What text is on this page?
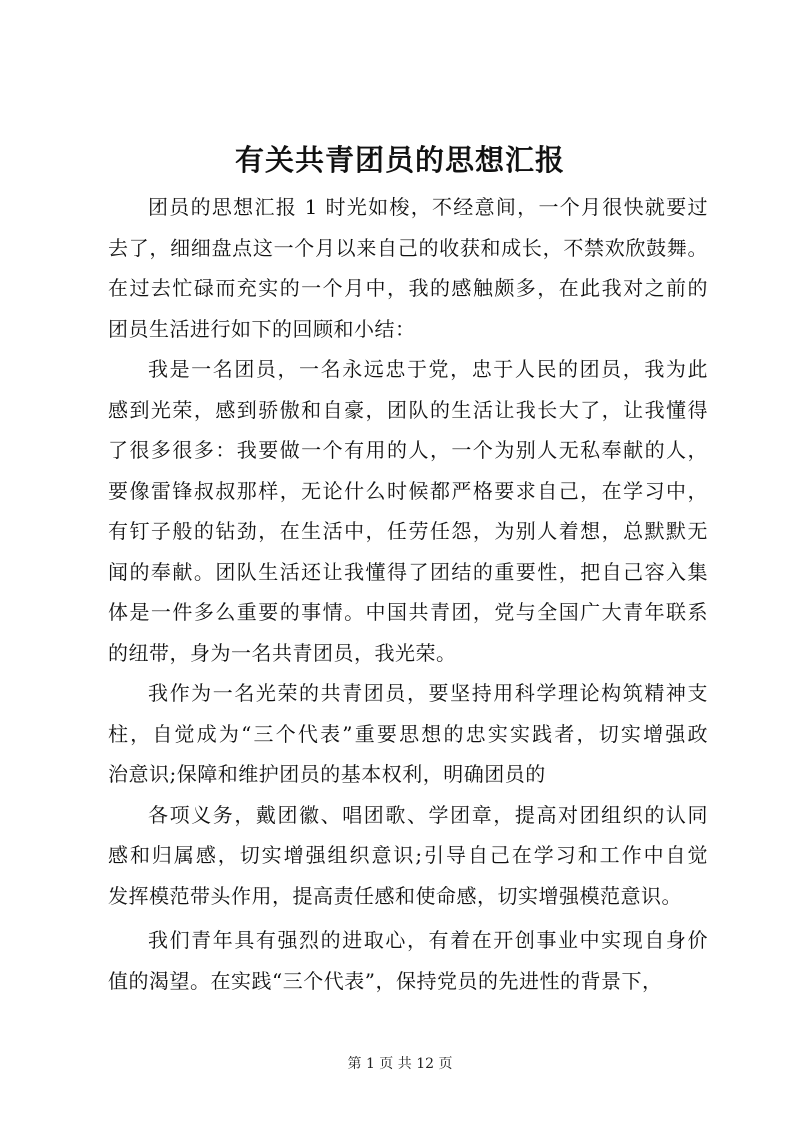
有关共青团员的思想汇报
团员的思想汇报 1 时光如梭，不经意间，一个月很快就要过
去了，细细盘点这一个月以来自己的收获和成长，不禁欢欣鼓舞。
在过去忙碌而充实的一个月中，我的感触颇多，在此我对之前的
团员生活进行如下的回顾和小结：
我是一名团员，一名永远忠于党，忠于人民的团员，我为此
感到光荣，感到骄傲和自豪，团队的生活让我长大了，让我懂得
了很多很多：我要做一个有用的人，一个为别人无私奉献的人，
要像雷锋叔叔那样，无论什么时候都严格要求自己，在学习中，
有钉子般的钻劲，在生活中，任劳任怨，为别人着想，总默默无
闻的奉献。团队生活还让我懂得了团结的重要性，把自己容入集
体是一件多么重要的事情。中国共青团，党与全国广大青年联系
的纽带，身为一名共青团员，我光荣。
我作为一名光荣的共青团员，要坚持用科学理论构筑精神支
柱，自觉成为“三个代表”重要思想的忠实实践者，切实增强政
治意识;保障和维护团员的基本权利，明确团员的
各项义务，戴团徽、唱团歌、学团章，提高对团组织的认同
感和归属感，切实增强组织意识;引导自己在学习和工作中自觉
发挥模范带头作用，提高责任感和使命感，切实增强模范意识。
我们青年具有强烈的进取心，有着在开创事业中实现自身价
值的渴望。在实践“三个代表”，保持党员的先进性的背景下，
第 1 页 共 12 页
